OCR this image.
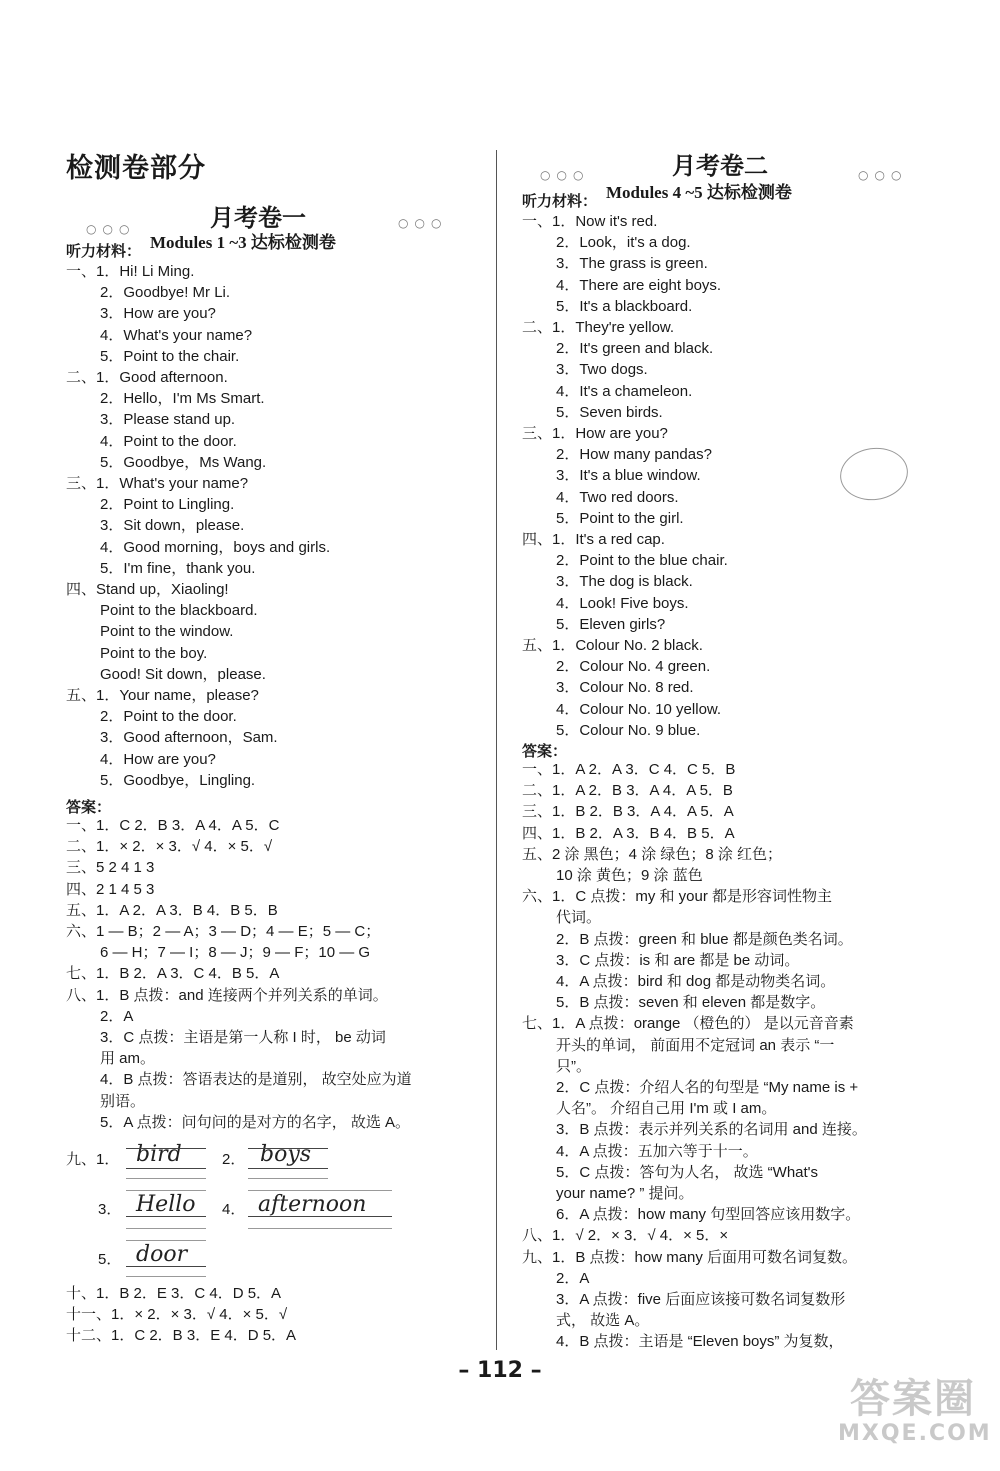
检测卷部分
月考卷一
○○○	○○○
Modules 1 ~3 达标检测卷
月考卷二
○○○	○○○
Modules 4 ~5 达标检测卷
听力材料：
一、1．Hi! Li Ming.
2．Goodbye! Mr Li.
3．How are you?
4．What's your name?
5．Point to the chair.
二、1．Good afternoon.
2．Hello，I'm Ms Smart.
3．Please stand up.
4．Point to the door.
5．Goodbye，Ms Wang.
三、1．What's your name?
2．Point to Lingling.
3．Sit down，please.
4．Good morning，boys and girls.
5．I'm fine，thank you.
四、Stand up，Xiaoling!
Point to the blackboard.
Point to the window.
Point to the boy.
Good! Sit down，please.
五、1．Your name，please?
2．Point to the door.
3．Good afternoon，Sam.
4．How are you?
5．Goodbye，Lingling.
答案：
一、1．C 2．B 3．A 4．A 5．C
二、1．× 2．× 3．√ 4．× 5．√
三、5 2 4 1 3
四、2 1 4 5 3
五、1．A 2．A 3．B 4．B 5．B
六、1 — B；2 — A；3 — D；4 — E；5 — C；
6 — H；7 — I；8 — J；9 — F；10 — G
七、1．B 2．A 3．C 4．B 5．A
八、1．B 点拨：and 连接两个并列关系的单词。
2．A
3．C 点拨：主语是第一人称 I 时， be 动词
用 am。
4．B 点拨：答语表达的是道别， 故空处应为道
别语。
5．A 点拨：问句问的是对方的名字， 故选 A。
十、1．B 2．E 3．C 4．D 5．A
十一、1．× 2．× 3．√ 4．× 5．√
十二、1．C 2．B 3．E 4．D 5．A
听力材料：
一、1．Now it's red.
2．Look，it's a dog.
3．The grass is green.
4．There are eight boys.
5．It's a blackboard.
二、1．They're yellow.
2．It's green and black.
3．Two dogs.
4．It's a chameleon.
5．Seven birds.
三、1．How are you?
2．How many pandas?
3．It's a blue window.
4．Two red doors.
5．Point to the girl.
四、1．It's a red cap.
2．Point to the blue chair.
3．The dog is black.
4．Look! Five boys.
5．Eleven girls?
五、1．Colour No. 2 black.
2．Colour No. 4 green.
3．Colour No. 8 red.
4．Colour No. 10 yellow.
5．Colour No. 9 blue.
答案：
一、1．A 2．A 3．C 4．C 5．B
二、1．A 2．B 3．A 4．A 5．B
三、1．B 2．B 3．A 4．A 5．A
四、1．B 2．A 3．B 4．B 5．A
五、2 涂 黑色；4 涂 绿色；8 涂 红色；
10 涂 黄色；9 涂 蓝色
六、1．C 点拨：my 和 your 都是形容词性物主
代词。
2．B 点拨：green 和 blue 都是颜色类名词。
3．C 点拨：is 和 are 都是 be 动词。
4．A 点拨：bird 和 dog 都是动物类名词。
5．B 点拨：seven 和 eleven 都是数字。
七、1．A 点拨：orange （橙色的） 是以元音音素
开头的单词， 前面用不定冠词 an 表示 “一
只”。
2．C 点拨：介绍人名的句型是 “My name is +
人名”。 介绍自己用 I'm 或 I am。
3．B 点拨：表示并列关系的名词用 and 连接。
4．A 点拨：五加六等于十一。
5．C 点拨：答句为人名， 故选 “What's
your name? ” 提问。
6．A 点拨：how many 句型回答应该用数字。
八、1．√ 2．× 3．√ 4．× 5．×
九、1．B 点拨：how many 后面用可数名词复数。
2．A
3．A 点拨：five 后面应该接可数名词复数形
式， 故选 A。
4．B 点拨：主语是 “Eleven boys” 为复数，
九、1． bird	2． boys
3． Hello 4． afternoon
5． door
– 112 –
答案圈
MXQE.COM
